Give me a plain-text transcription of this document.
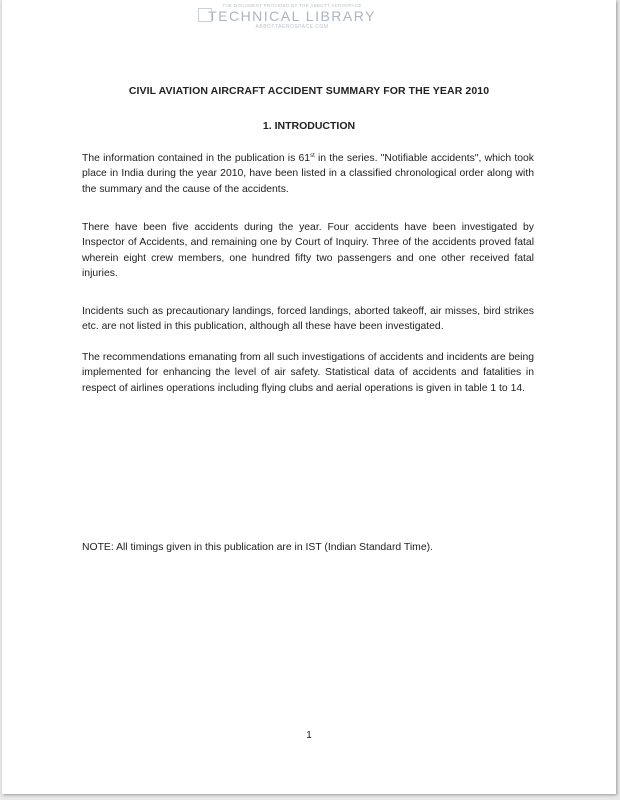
THE DOCUMENT PROVIDED BY THE ABBOTT AEROSPACE
TECHNICAL LIBRARY
ABBOTTAEROSPACE.COM
CIVIL AVIATION AIRCRAFT ACCIDENT SUMMARY FOR THE YEAR 2010
1. INTRODUCTION

The information contained in the publication is 61st in the series. "Notifiable accidents", which took place in India during the year 2010, have been listed in a classified chronological order along with the summary and the cause of the accidents.

There have been five accidents during the year. Four accidents have been investigated by Inspector of Accidents, and remaining one by Court of Inquiry. Three of the accidents proved fatal wherein eight crew members, one hundred fifty two passengers and one other received fatal injuries.

Incidents such as precautionary landings, forced landings, aborted takeoff, air misses, bird strikes etc. are not listed in this publication, although all these have been investigated.

The recommendations emanating from all such investigations of accidents and incidents are being implemented for enhancing the level of air safety. Statistical data of accidents and fatalities in respect of airlines operations including flying clubs and aerial operations is given in table 1 to 14.

NOTE: All timings given in this publication are in IST (Indian Standard Time).

1
